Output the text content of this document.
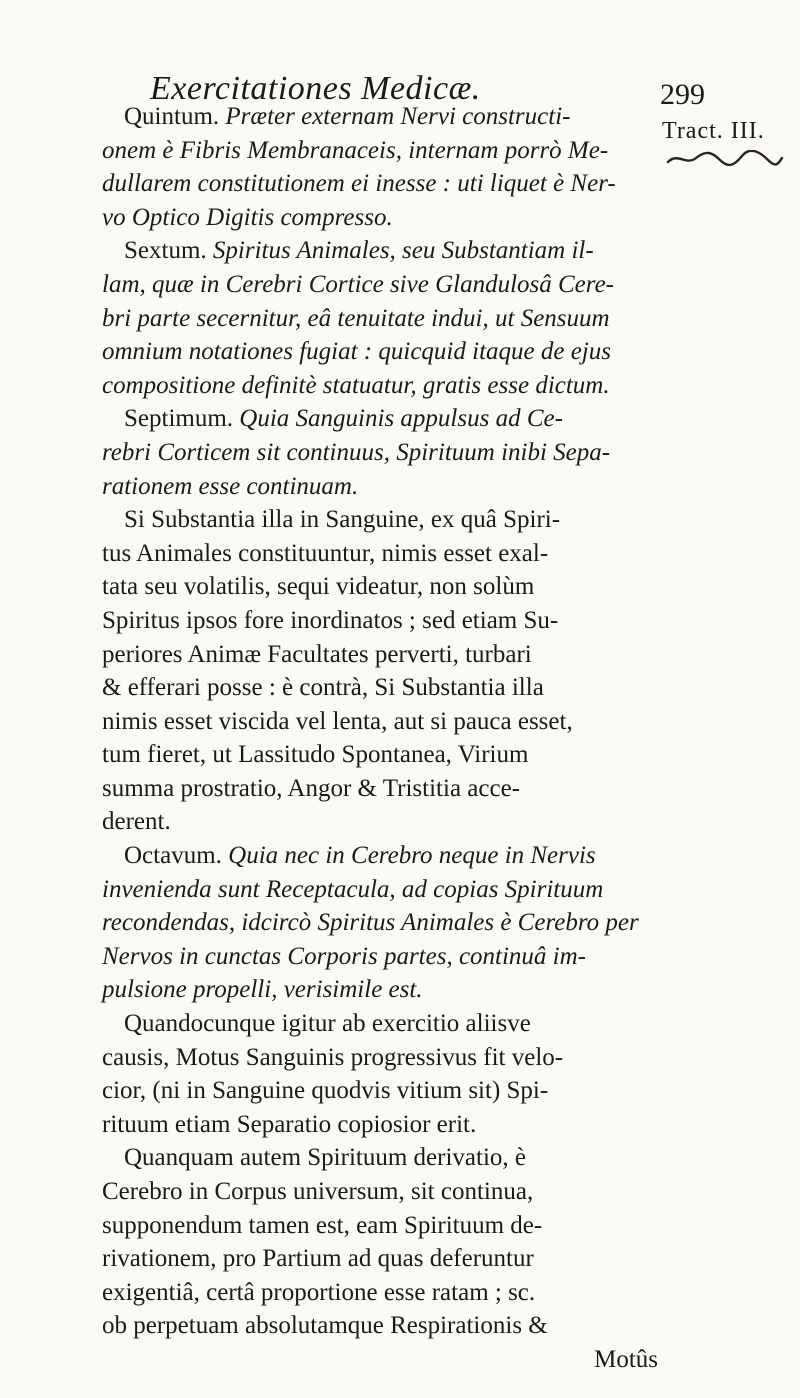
Exercitationes Medicæ.	299
Tract. III.
Quintum. Præter externam Nervi constructi-
onem è Fibris Membranaceis, internam porrò Me-
dullarem constitutionem ei inesse : uti liquet è Ner-
vo Optico Digitis compresso.
Sextum. Spiritus Animales, seu Substantiam il-
lam, quæ in Cerebri Cortice sive Glandulosâ Cere-
bri parte secernitur, eâ tenuitate indui, ut Sensuum
omnium notationes fugiat : quicquid itaque de ejus
compositione definitè statuatur, gratis esse dictum.
Septimum. Quia Sanguinis appulsus ad Ce-
rebri Corticem sit continuus, Spirituum inibi Sepa-
rationem esse continuam.
Si Substantia illa in Sanguine, ex quâ Spiri-
tus Animales constituuntur, nimis esset exal-
tata seu volatilis, sequi videatur, non solùm
Spiritus ipsos fore inordinatos ; sed etiam Su-
periores Animæ Facultates perverti, turbari
& efferari posse : è contrà, Si Substantia illa
nimis esset viscida vel lenta, aut si pauca esset,
tum fieret, ut Lassitudo Spontanea, Virium
summa prostratio, Angor & Tristitia acce-
derent.
Octavum. Quia nec in Cerebro neque in Nervis
invenienda sunt Receptacula, ad copias Spirituum
recondendas, idcircò Spiritus Animales è Cerebro per
Nervos in cunctas Corporis partes, continuâ im-
pulsione propelli, verisimile est.
Quandocunque igitur ab exercitio aliisve
causis, Motus Sanguinis progressivus fit velo-
cior, (ni in Sanguine quodvis vitium sit) Spi-
rituum etiam Separatio copiosior erit.
Quanquam autem Spirituum derivatio, è
Cerebro in Corpus universum, sit continua,
supponendum tamen est, eam Spirituum de-
rivationem, pro Partium ad quas deferuntur
exigentiâ, certâ proportione esse ratam ; sc.
ob perpetuam absolutamque Respirationis &
Motûs
